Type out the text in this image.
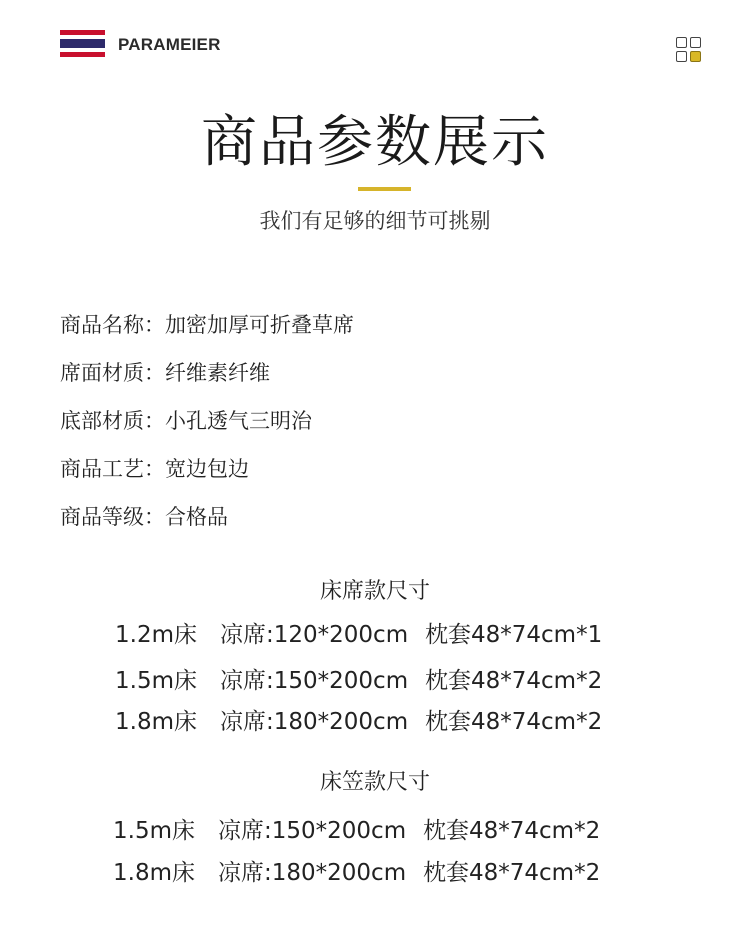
PARAMEIER
商品参数展示
我们有足够的细节可挑剔
商品名称：加密加厚可折叠草席
席面材质：纤维素纤维
底部材质：小孔透气三明治
商品工艺：宽边包边
商品等级：合格品
床席款尺寸
1.2m床 凉席:120*200cm 枕套48*74cm*1
1.5m床 凉席:150*200cm 枕套48*74cm*2
1.8m床 凉席:180*200cm 枕套48*74cm*2
床笠款尺寸
1.5m床 凉席:150*200cm 枕套48*74cm*2
1.8m床 凉席:180*200cm 枕套48*74cm*2
